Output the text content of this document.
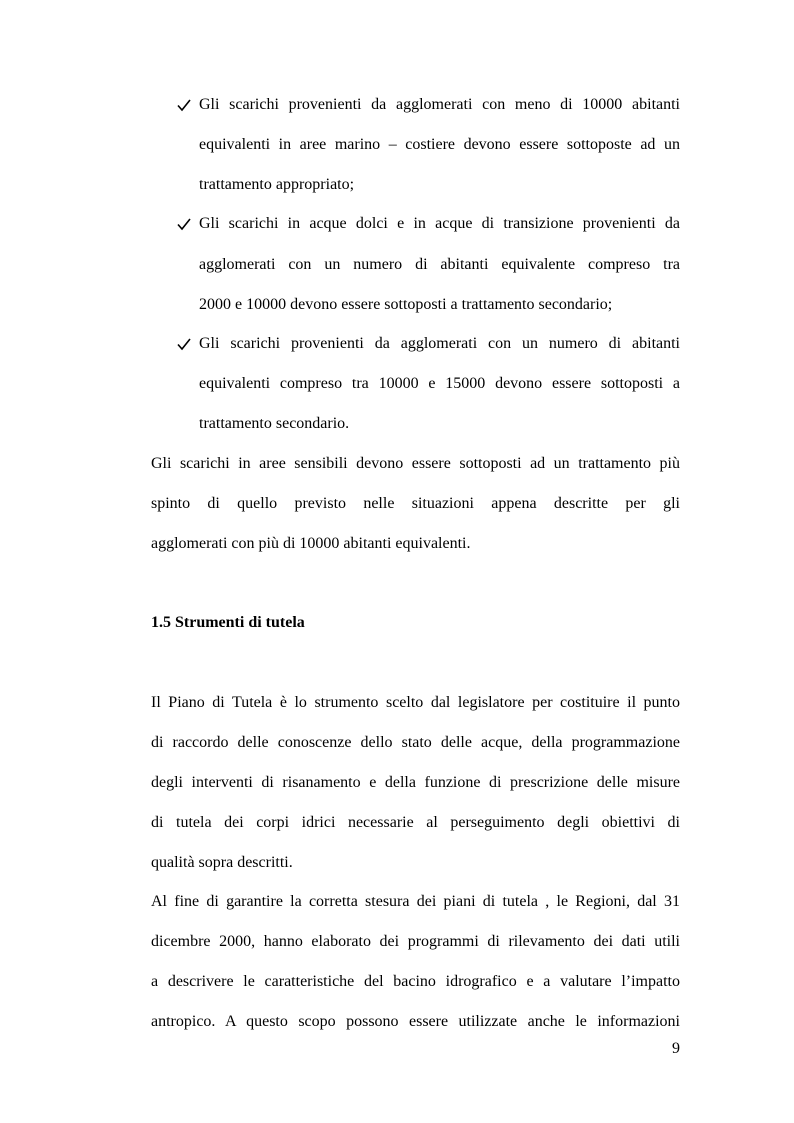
Gli scarichi provenienti da agglomerati con meno di 10000 abitanti
equivalenti in aree marino – costiere devono essere sottoposte ad un
trattamento appropriato;
Gli scarichi in acque dolci e in acque di transizione provenienti da
agglomerati con un numero di abitanti equivalente compreso tra
2000 e 10000 devono essere sottoposti a trattamento secondario;
Gli scarichi provenienti da agglomerati con un numero di abitanti
equivalenti compreso tra 10000 e 15000 devono essere sottoposti a
trattamento secondario.
Gli scarichi in aree sensibili devono essere sottoposti ad un trattamento più
spinto di quello previsto nelle situazioni appena descritte per gli
agglomerati con più di 10000 abitanti equivalenti.
1.5 Strumenti di tutela
Il Piano di Tutela è lo strumento scelto dal legislatore per costituire il punto
di raccordo delle conoscenze dello stato delle acque, della programmazione
degli interventi di risanamento e della funzione di prescrizione delle misure
di tutela dei corpi idrici necessarie al perseguimento degli obiettivi di
qualità sopra descritti.
Al fine di garantire la corretta stesura dei piani di tutela , le Regioni, dal 31
dicembre 2000, hanno elaborato dei programmi di rilevamento dei dati utili
a descrivere le caratteristiche del bacino idrografico e a valutare l’impatto
antropico. A questo scopo possono essere utilizzate anche le informazioni
9
